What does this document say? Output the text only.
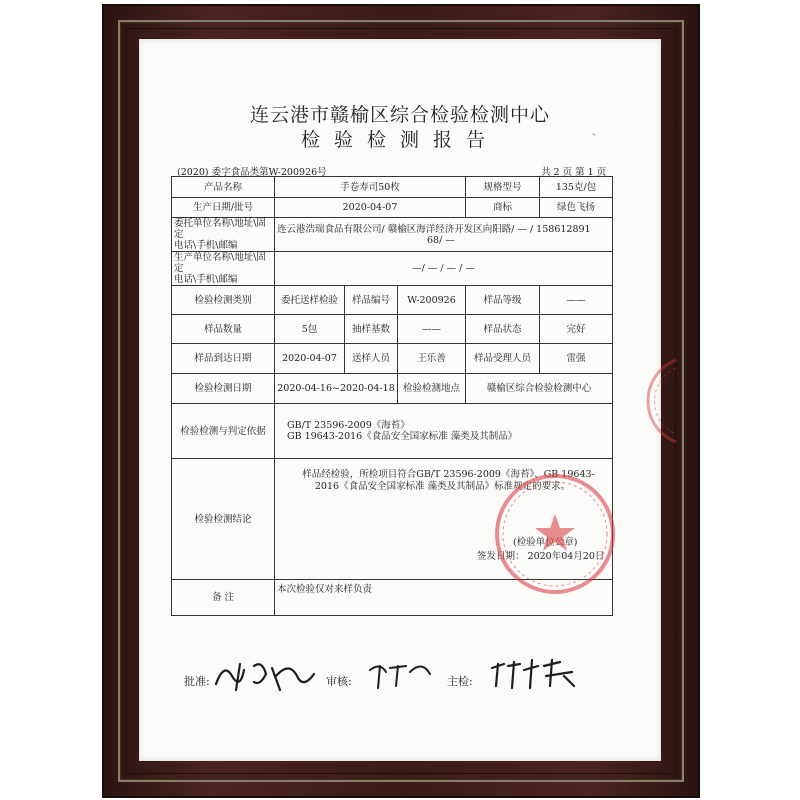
连云港市赣榆区综合检验检测中心
检验检测报告
(2020) 委字食品类第W-200926号	共 2 页 第 1 页
产品名称	手卷寿司50枚			规格型号	135克/包
生产日期/批号	2020-04-07			商标	绿色飞扬

委托单位名称\地址\固定
电话\手机\邮编	连云港浩瑞食品有限公司/ 赣榆区海洋经济开发区向阳路/ — / 158612891
68/ —				

生产单位名称\地址\固定
电话\手机\邮编	—/ — / — / —				
检验检测类别	委托送样检验	样品编号	W-200926	样品等级	——
样品数量	5包	抽样基数	——	样品状态	完好
样品到达日期	2020-04-07	送样人员	王乐善	样品受理人员	雷强
检验检测日期	2020-04-16~2020-04-18		检验检测地点	赣榆区综合检验检测中心	
检验检测与判定依据	GB/T 23596-2009《海苔》
GB 19643-2016《食品安全国家标准 藻类及其制品》				

检验检测结论	样品经检验，所检项目符合GB/T 23596-2009《海苔》、GB 19643-2016《食品安全国家标准 藻类及其制品》标准规定的要求。
(检验单位公章)
签发日期： 2020年04月20日				

备 注	本次检验仅对来样负责				
批准:	审核:	主检:
